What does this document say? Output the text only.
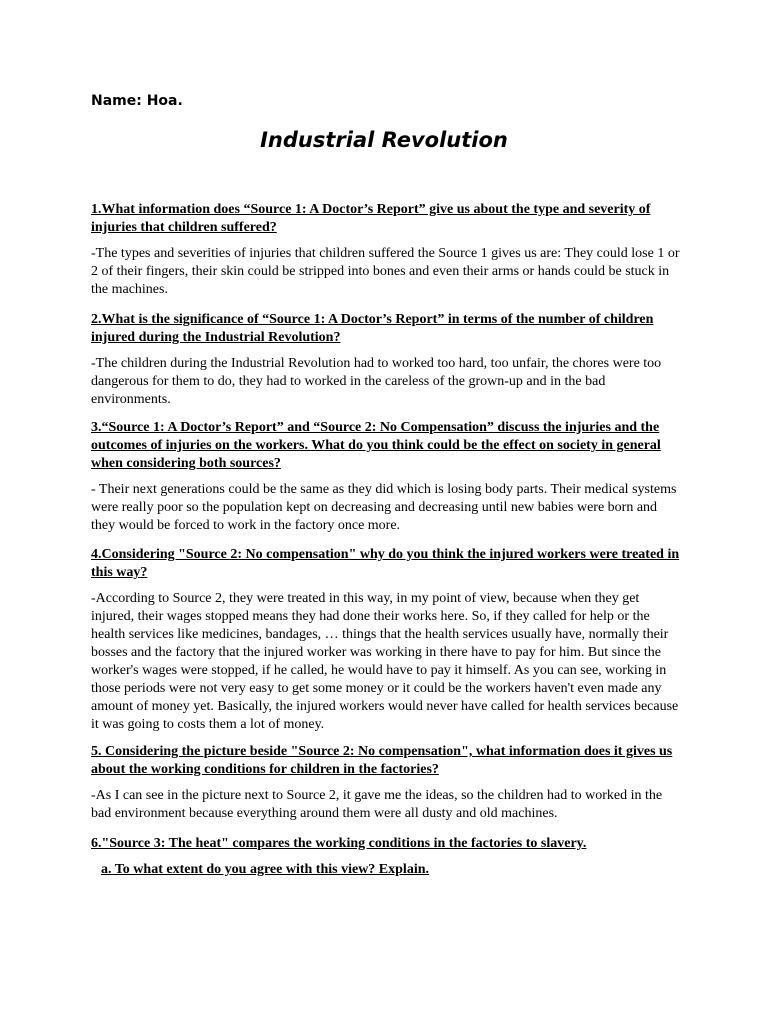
Name: Hoa.
Industrial Revolution

1.What information does “Source 1: A Doctor’s Report” give us about the type and severity of injuries that children suffered?

-The types and severities of injuries that children suffered the Source 1 gives us are: They could lose 1 or 2 of their fingers, their skin could be stripped into bones and even their arms or hands could be stuck in the machines.

2.What is the significance of “Source 1: A Doctor’s Report” in terms of the number of children injured during the Industrial Revolution?

-The children during the Industrial Revolution had to worked too hard, too unfair, the chores were too dangerous for them to do, they had to worked in the careless of the grown-up and in the bad environments.

3.“Source 1: A Doctor’s Report” and “Source 2: No Compensation” discuss the injuries and the outcomes of injuries on the workers. What do you think could be the effect on society in general when considering both sources?

- Their next generations could be the same as they did which is losing body parts. Their medical systems were really poor so the population kept on decreasing and decreasing until new babies were born and they would be forced to work in the factory once more.

4.Considering "Source 2: No compensation" why do you think the injured workers were treated in this way?

-According to Source 2, they were treated in this way, in my point of view, because when they get injured, their wages stopped means they had done their works here. So, if they called for help or the health services like medicines, bandages, … things that the health services usually have, normally their bosses and the factory that the injured worker was working in there have to pay for him. But since the worker's wages were stopped, if he called, he would have to pay it himself. As you can see, working in those periods were not very easy to get some money or it could be the workers haven't even made any amount of money yet. Basically, the injured workers would never have called for health services because it was going to costs them a lot of money.

5. Considering the picture beside "Source 2: No compensation", what information does it gives us about the working conditions for children in the factories?

-As I can see in the picture next to Source 2, it gave me the ideas, so the children had to worked in the bad environment because everything around them were all dusty and old machines.

6."Source 3: The heat" compares the working conditions in the factories to slavery.

a. To what extent do you agree with this view? Explain.
